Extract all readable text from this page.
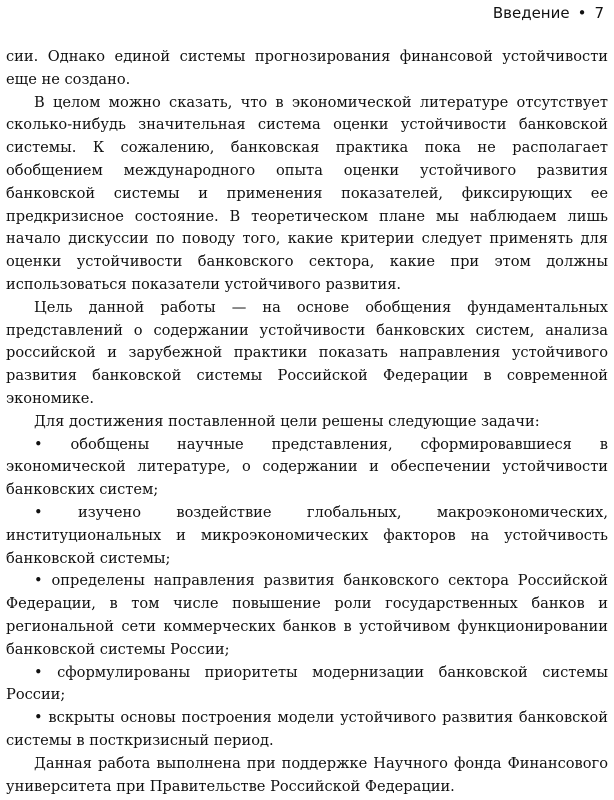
Введение • 7

сии. Однако единой системы прогнозирования финансовой устойчивости еще не создано.

В целом можно сказать, что в экономической литературе отсутствует сколько-нибудь значительная система оценки устойчивости банковской системы. К сожалению, банковская практика пока не располагает обобщением международного опыта оценки устойчивого развития банковской системы и применения показателей, фиксирующих ее предкризисное состояние. В теоретическом плане мы наблюдаем лишь начало дискуссии по поводу того, какие критерии следует применять для оценки устойчивости банковского сектора, какие при этом должны использоваться показатели устойчивого развития.

Цель данной работы — на основе обобщения фундаментальных представлений о содержании устойчивости банковских систем, анализа российской и зарубежной практики показать направления устойчивого развития банковской системы Российской Федерации в современной экономике.

Для достижения поставленной цели решены следующие задачи:

• обобщены научные представления, сформировавшиеся в экономической литературе, о содержании и обеспечении устойчивости банковских систем;

• изучено воздействие глобальных, макроэкономических, институциональных и микроэкономических факторов на устойчивость банковской системы;

• определены направления развития банковского сектора Российской Федерации, в том числе повышение роли государственных банков и региональной сети коммерческих банков в устойчивом функционировании банковской системы России;

• сформулированы приоритеты модернизации банковской системы России;

• вскрыты основы построения модели устойчивого развития банковской системы в посткризисный период.

Данная работа выполнена при поддержке Научного фонда Финансового университета при Правительстве Российской Федерации.
